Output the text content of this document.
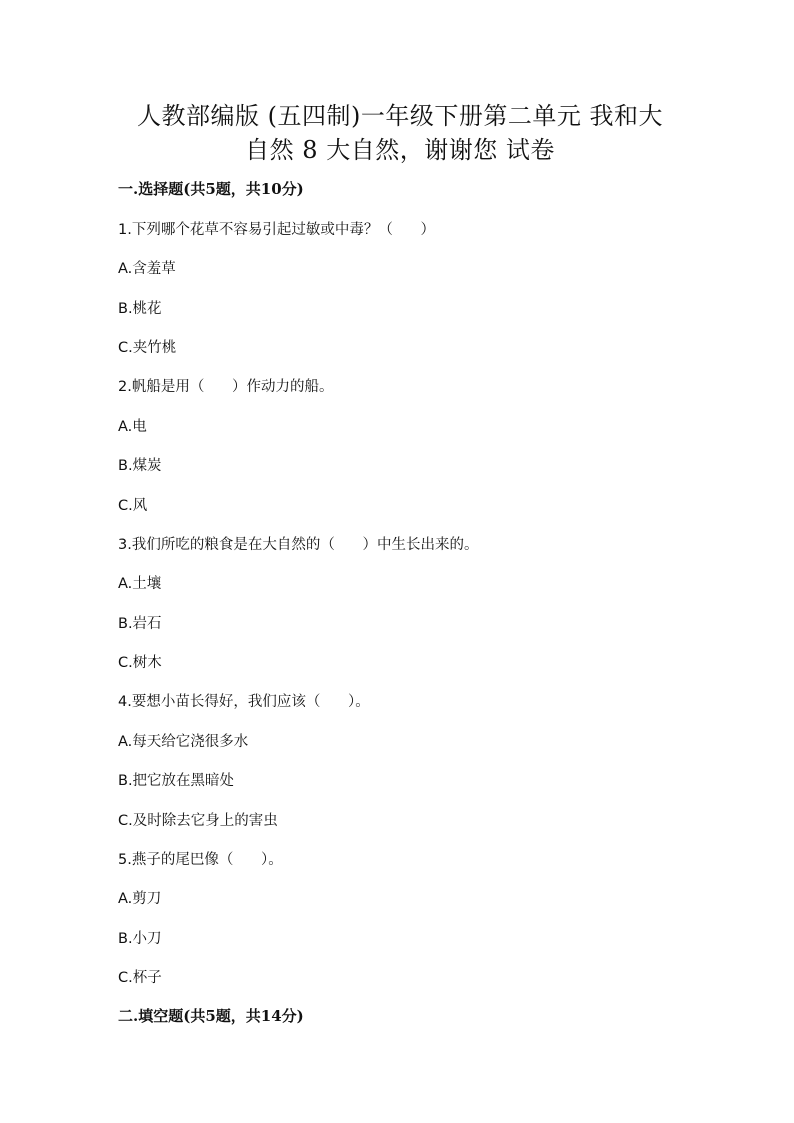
人教部编版 (五四制)一年级下册第二单元 我和大
自然 8 大自然，谢谢您 试卷
一.选择题(共5题，共10分)
1.下列哪个花草不容易引起过敏或中毒？（      ）
A.含羞草
B.桃花
C.夹竹桃
2.帆船是用（      ）作动力的船。
A.电
B.煤炭
C.风
3.我们所吃的粮食是在大自然的（      ）中生长出来的。
A.土壤
B.岩石
C.树木
4.要想小苗长得好，我们应该（      ）。
A.每天给它浇很多水
B.把它放在黑暗处
C.及时除去它身上的害虫
5.燕子的尾巴像（      ）。
A.剪刀
B.小刀
C.杯子
二.填空题(共5题，共14分)
